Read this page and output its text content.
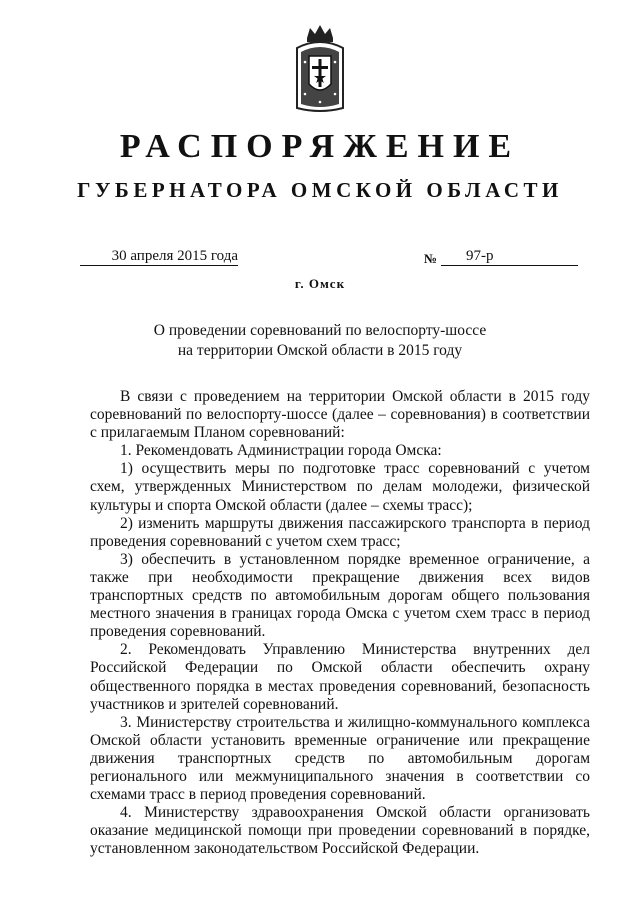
РАСПОРЯЖЕНИЕ
ГУБЕРНАТОРА ОМСКОЙ ОБЛАСТИ
30 апреля 2015 года	№	97-р
г. Омск
О проведении соревнований по велоспорту-шоссе
на территории Омской области в 2015 году

В связи с проведением на территории Омской области в 2015 году соревнований по велоспорту-шоссе (далее – соревнования) в соответствии с прилагаемым Планом соревнований:

1. Рекомендовать Администрации города Омска:

1) осуществить меры по подготовке трасс соревнований с учетом схем, утвержденных Министерством по делам молодежи, физической культуры и спорта Омской области (далее – схемы трасс);

2) изменить маршруты движения пассажирского транспорта в период проведения соревнований с учетом схем трасс;

3) обеспечить в установленном порядке временное ограничение, а также при необходимости прекращение движения всех видов транспортных средств по автомобильным дорогам общего пользования местного значения в границах города Омска с учетом схем трасс в период проведения соревнований.

2. Рекомендовать Управлению Министерства внутренних дел Российской Федерации по Омской области обеспечить охрану общественного порядка в местах проведения соревнований, безопасность участников и зрителей соревнований.

3. Министерству строительства и жилищно-коммунального комплекса Омской области установить временные ограничение или прекращение движения транспортных средств по автомобильным дорогам регионального или межмуниципального значения в соответствии со схемами трасс в период проведения соревнований.

4. Министерству здравоохранения Омской области организовать оказание медицинской помощи при проведении соревнований в порядке, установленном законодательством Российской Федерации.
